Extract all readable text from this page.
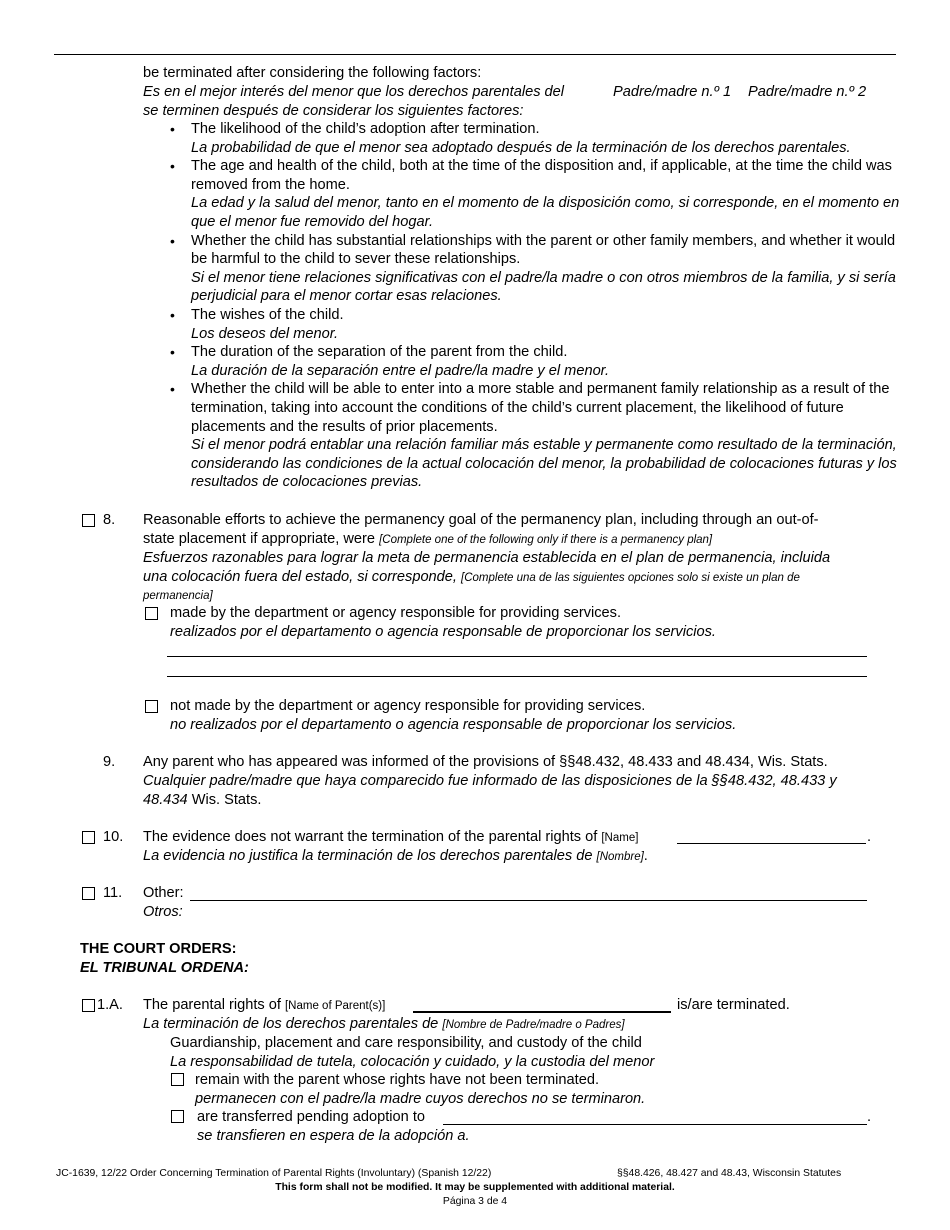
be terminated after considering the following factors:
Es en el mejor interés del menor que los derechos parentales del	Padre/madre n.º 1 Padre/madre n.º 2
se terminen después de considerar los siguientes factores:
• The likelihood of the child’s adoption after termination.
La probabilidad de que el menor sea adoptado después de la terminación de los derechos parentales.
• The age and health of the child, both at the time of the disposition and, if applicable, at the time the child was removed from the home.
La edad y la salud del menor, tanto en el momento de la disposición como, si corresponde, en el momento en que el menor fue removido del hogar.
• Whether the child has substantial relationships with the parent or other family members, and whether it would be harmful to the child to sever these relationships.
Si el menor tiene relaciones significativas con el padre/la madre o con otros miembros de la familia, y si sería perjudicial para el menor cortar esas relaciones.
• The wishes of the child.
Los deseos del menor.
• The duration of the separation of the parent from the child.
La duración de la separación entre el padre/la madre y el menor.
• Whether the child will be able to enter into a more stable and permanent family relationship as a result of the termination, taking into account the conditions of the child’s current placement, the likelihood of future placements and the results of prior placements.
Si el menor podrá entablar una relación familiar más estable y permanente como resultado de la terminación, considerando las condiciones de la actual colocación del menor, la probabilidad de colocaciones futuras y los resultados de colocaciones previas.
8. Reasonable efforts to achieve the permanency goal of the permanency plan, including through an out-of-
state placement if appropriate, were [Complete one of the following only if there is a permanency plan]
Esfuerzos razonables para lograr la meta de permanencia establecida en el plan de permanencia, incluida
una colocación fuera del estado, si corresponde, [Complete una de las siguientes opciones solo si existe un plan de
permanencia]
made by the department or agency responsible for providing services.
realizados por el departamento o agencia responsable de proporcionar los servicios.
not made by the department or agency responsible for providing services.
no realizados por el departamento o agencia responsable de proporcionar los servicios.
9. Any parent who has appeared was informed of the provisions of §§48.432, 48.433 and 48.434, Wis. Stats.
Cualquier padre/madre que haya comparecido fue informado de las disposiciones de la §§48.432, 48.433 y
48.434 Wis. Stats.
10. The evidence does not warrant the termination of the parental rights of [Name]	.
La evidencia no justifica la terminación de los derechos parentales de [Nombre].
11. Other:
Otros:
THE COURT ORDERS:
EL TRIBUNAL ORDENA:
1.A. The parental rights of [Name of Parent(s)]	is/are terminated.
La terminación de los derechos parentales de [Nombre de Padre/madre o Padres]
Guardianship, placement and care responsibility, and custody of the child
La responsabilidad de tutela, colocación y cuidado, y la custodia del menor
remain with the parent whose rights have not been terminated.
permanecen con el padre/la madre cuyos derechos no se terminaron.
are transferred pending adoption to	.
se transfieren en espera de la adopción a.
JC-1639, 12/22 Order Concerning Termination of Parental Rights (Involuntary) (Spanish 12/22)	§§48.426, 48.427 and 48.43, Wisconsin Statutes
This form shall not be modified. It may be supplemented with additional material.
Página 3 de 4
